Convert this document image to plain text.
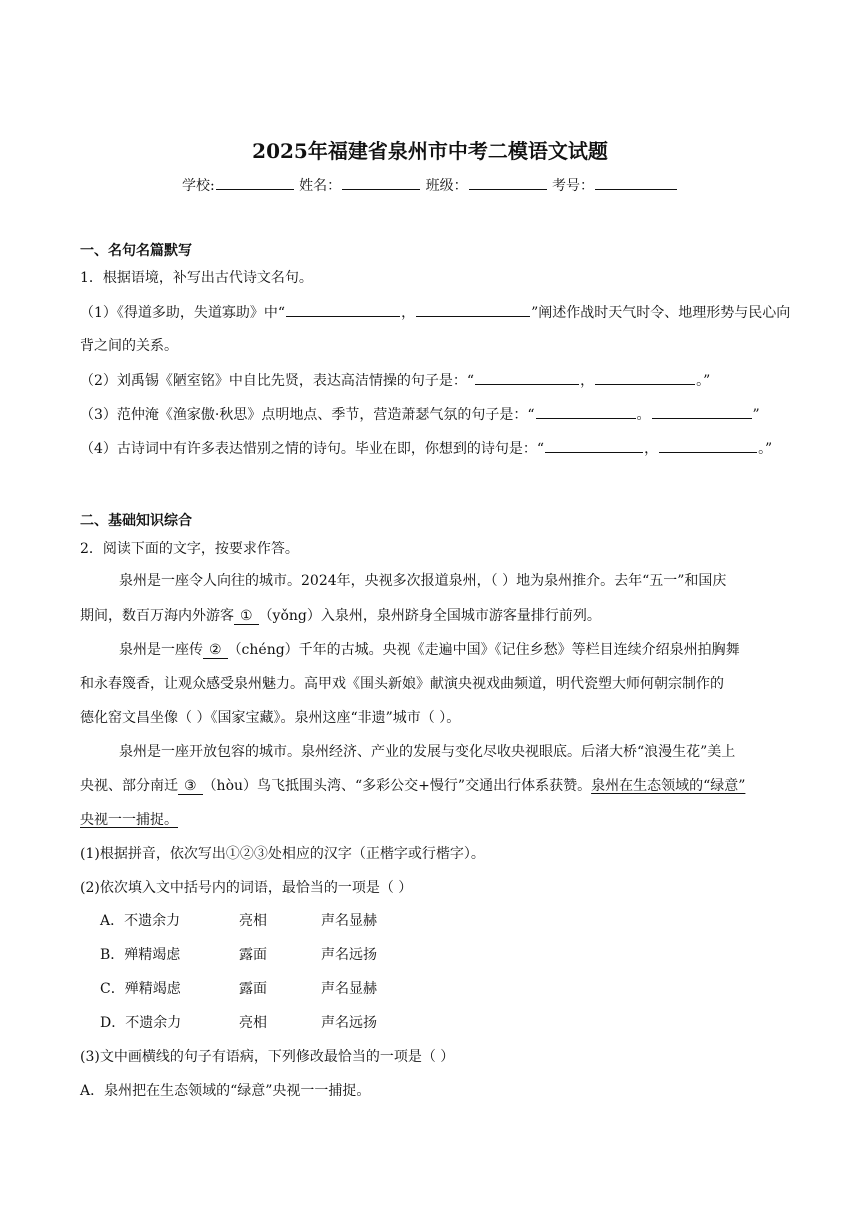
2025年福建省泉州市中考二模语文试题
学校:	姓名：	班级：	考号：
一、名句名篇默写
1．根据语境，补写出古代诗文名句。
（1）《得道多助，失道寡助》中“	，	”阐述作战时天气时令、地理形势与民心向
背之间的关系。
（2）刘禹锡《陋室铭》中自比先贤，表达高洁情操的句子是：“	，	。”
（3）范仲淹《渔家傲·秋思》点明地点、季节，营造萧瑟气氛的句子是：“	。	”
（4）古诗词中有许多表达惜别之情的诗句。毕业在即，你想到的诗句是：“	，	。”
二、基础知识综合
2．阅读下面的文字，按要求作答。
泉州是一座令人向往的城市。2024年，央视多次报道泉州，（ ）地为泉州推介。去年“五一”和国庆
期间，数百万海内外游客 ① （yǒng）入泉州，泉州跻身全国城市游客量排行前列。
泉州是一座传 ② （chéng）千年的古城。央视《走遍中国》《记住乡愁》等栏目连续介绍泉州拍胸舞
和永春篾香，让观众感受泉州魅力。高甲戏《围头新娘》献演央视戏曲频道，明代瓷塑大师何朝宗制作的
德化窑文昌坐像（ ）《国家宝藏》。泉州这座“非遗”城市（ ）。
泉州是一座开放包容的城市。泉州经济、产业的发展与变化尽收央视眼底。后渚大桥“浪漫生花”美上
央视、部分南迁 ③ （hòu）鸟飞抵围头湾、“多彩公交+慢行”交通出行体系获赞。泉州在生态领域的“绿意”
央视一一捕捉。
(1)根据拼音，依次写出①②③处相应的汉字（正楷字或行楷字）。
(2)依次填入文中括号内的词语，最恰当的一项是（ ）
A．不遗余力	亮相	声名显赫
B．殚精竭虑	露面	声名远扬
C．殚精竭虑	露面	声名显赫
D．不遗余力	亮相	声名远扬
(3)文中画横线的句子有语病，下列修改最恰当的一项是（ ）
A．泉州把在生态领域的“绿意”央视一一捕捉。
